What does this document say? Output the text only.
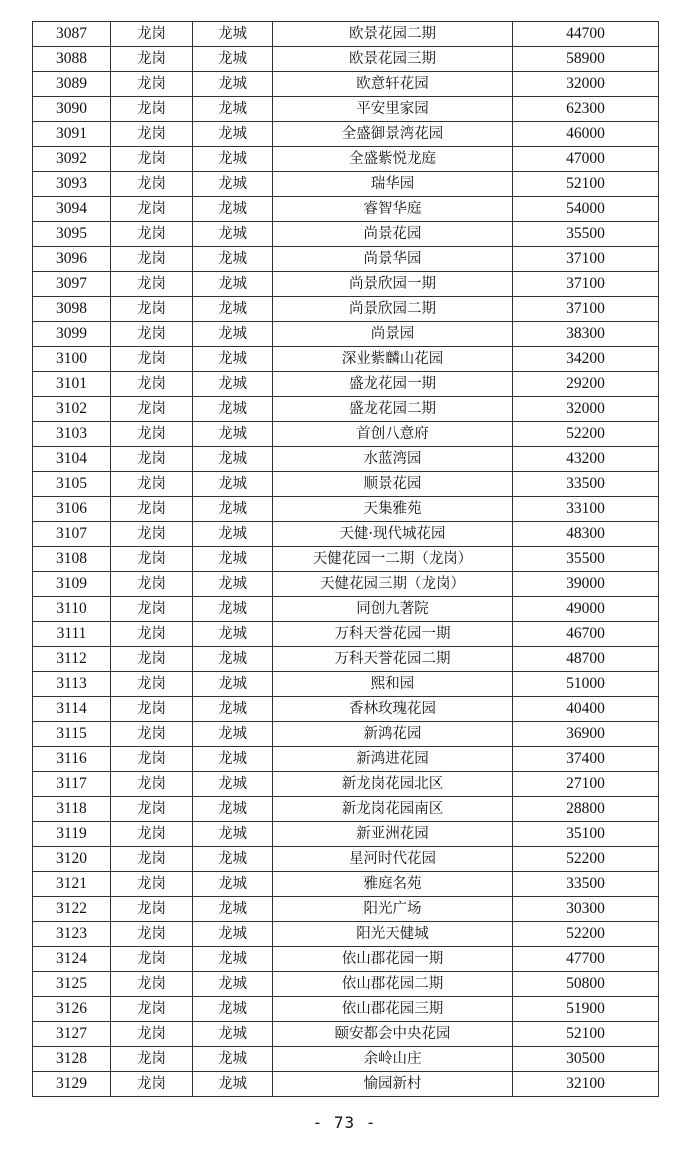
3087	龙岗	龙城	欧景花园二期	44700
3088	龙岗	龙城	欧景花园三期	58900
3089	龙岗	龙城	欧意轩花园	32000
3090	龙岗	龙城	平安里家园	62300
3091	龙岗	龙城	全盛御景湾花园	46000
3092	龙岗	龙城	全盛紫悦龙庭	47000
3093	龙岗	龙城	瑞华园	52100
3094	龙岗	龙城	睿智华庭	54000
3095	龙岗	龙城	尚景花园	35500
3096	龙岗	龙城	尚景华园	37100
3097	龙岗	龙城	尚景欣园一期	37100
3098	龙岗	龙城	尚景欣园二期	37100
3099	龙岗	龙城	尚景园	38300
3100	龙岗	龙城	深业紫麟山花园	34200
3101	龙岗	龙城	盛龙花园一期	29200
3102	龙岗	龙城	盛龙花园二期	32000
3103	龙岗	龙城	首创八意府	52200
3104	龙岗	龙城	水蓝湾园	43200
3105	龙岗	龙城	顺景花园	33500
3106	龙岗	龙城	天集雅苑	33100
3107	龙岗	龙城	天健·现代城花园	48300
3108	龙岗	龙城	天健花园一二期（龙岗）	35500
3109	龙岗	龙城	天健花园三期（龙岗）	39000
3110	龙岗	龙城	同创九著院	49000
3111	龙岗	龙城	万科天誉花园一期	46700
3112	龙岗	龙城	万科天誉花园二期	48700
3113	龙岗	龙城	熙和园	51000
3114	龙岗	龙城	香林玫瑰花园	40400
3115	龙岗	龙城	新鸿花园	36900
3116	龙岗	龙城	新鸿进花园	37400
3117	龙岗	龙城	新龙岗花园北区	27100
3118	龙岗	龙城	新龙岗花园南区	28800
3119	龙岗	龙城	新亚洲花园	35100
3120	龙岗	龙城	星河时代花园	52200
3121	龙岗	龙城	雅庭名苑	33500
3122	龙岗	龙城	阳光广场	30300
3123	龙岗	龙城	阳光天健城	52200
3124	龙岗	龙城	依山郡花园一期	47700
3125	龙岗	龙城	依山郡花园二期	50800
3126	龙岗	龙城	依山郡花园三期	51900
3127	龙岗	龙城	颐安都会中央花园	52100
3128	龙岗	龙城	余岭山庄	30500
3129	龙岗	龙城	愉园新村	32100
- 73 -
